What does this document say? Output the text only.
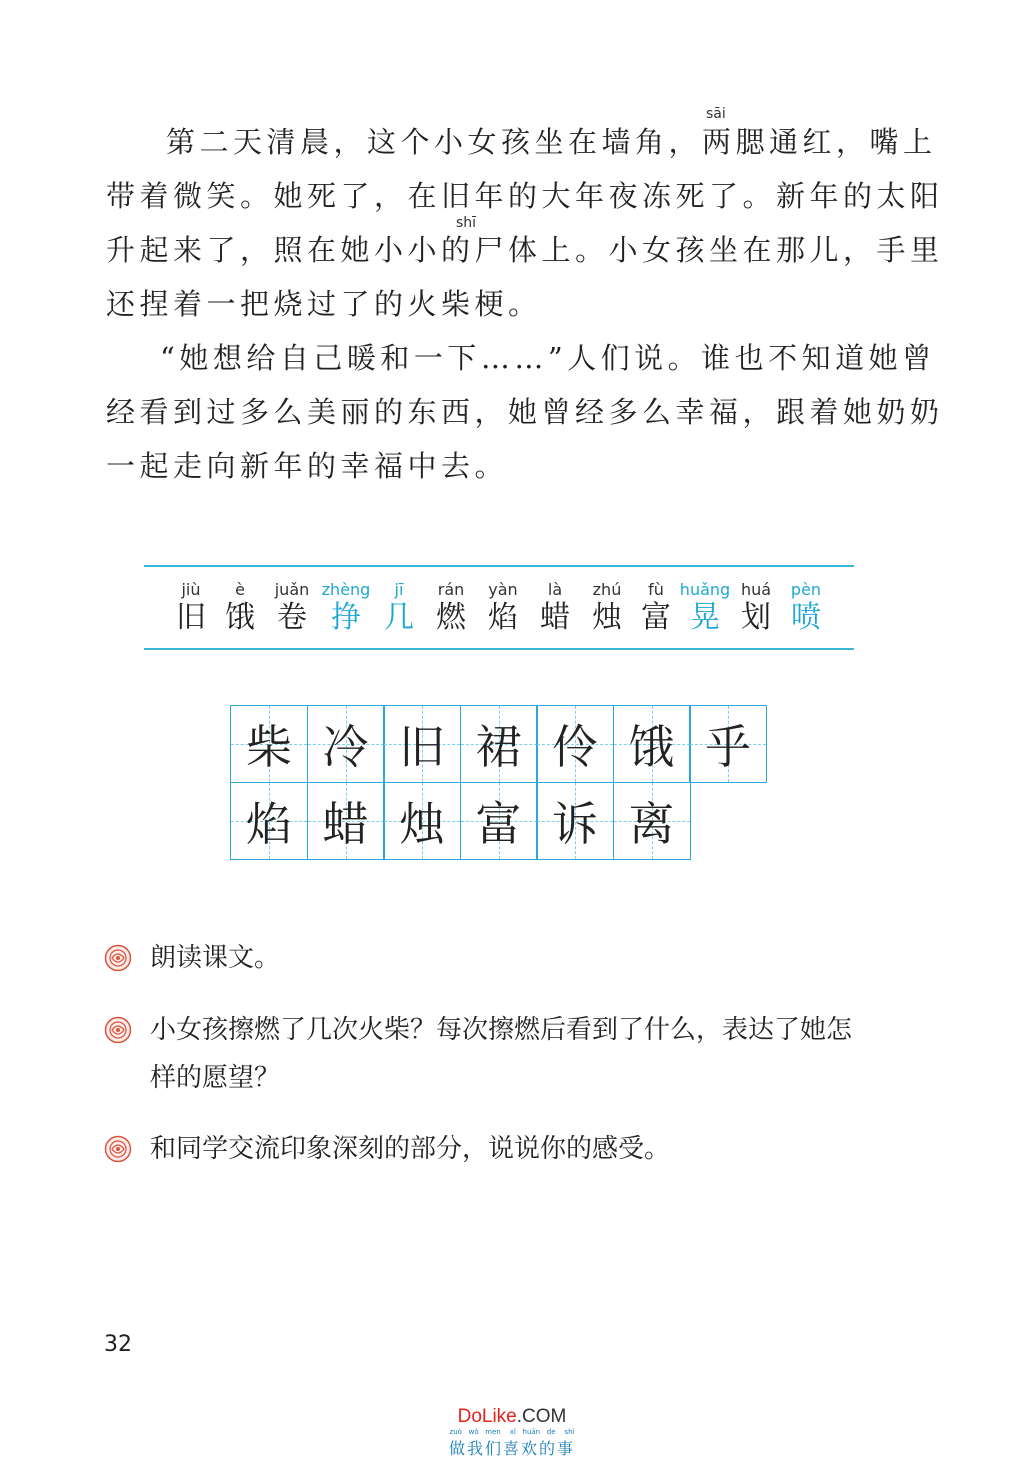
sāi
第二天清晨，这个小女孩坐在墙角，两腮通红，嘴上
带着微笑。她死了，在旧年的大年夜冻死了。新年的太阳
shī
升起来了，照在她小小的尸体上。小女孩坐在那儿，手里
还捏着一把烧过了的火柴梗。
“她想给自己暖和一下……”人们说。谁也不知道她曾
经看到过多么美丽的东西，她曾经多么幸福，跟着她奶奶
一起走向新年的幸福中去。
jiù
旧
è
饿
juǎn
卷
zhèng
挣
jī
几
rán
燃
yàn
焰
là
蜡
zhú
烛
fù
富
huǎng
晃
huá
划
pèn
喷
柴 冷 旧 裙 伶 饿 乎
焰 蜡 烛 富 诉 离
朗读课文。
小女孩擦燃了几次火柴？每次擦燃后看到了什么，表达了她怎
样的愿望？
和同学交流印象深刻的部分，说说你的感受。
32
DoLike.COM
zuò   wǒ   men    xǐ   huān   de    shì
做我们喜欢的事
